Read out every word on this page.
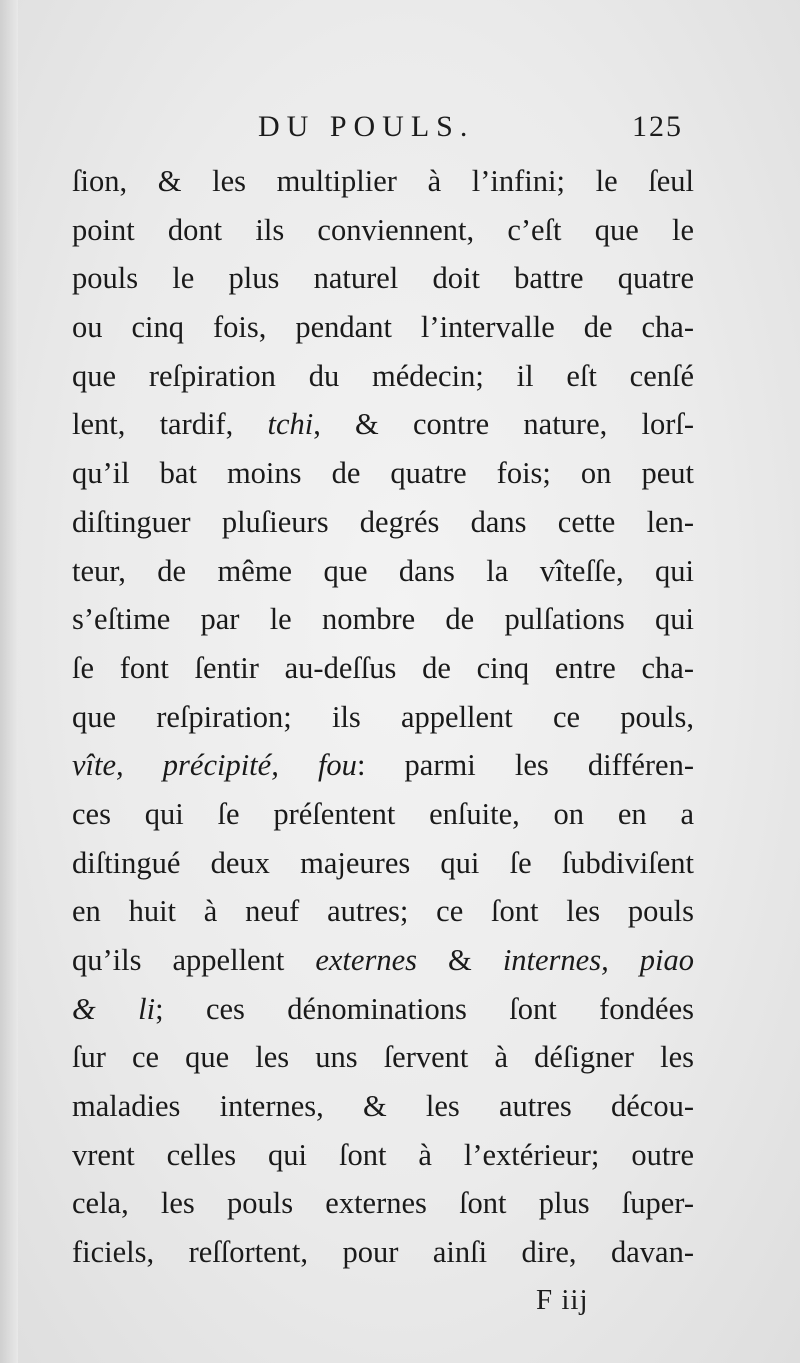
DU POULS.	125
ſion, & les multiplier à l’infini; le ſeul
point dont ils conviennent, c’eſt que le
pouls le plus naturel doit battre quatre
ou cinq fois, pendant l’intervalle de cha-
que reſpiration du médecin; il eſt cenſé
lent, tardif, tchi, & contre nature, lorſ-
qu’il bat moins de quatre fois; on peut
diſtinguer pluſieurs degrés dans cette len-
teur, de même que dans la vîteſſe, qui
s’eſtime par le nombre de pulſations qui
ſe font ſentir au-deſſus de cinq entre cha-
que reſpiration; ils appellent ce pouls,
vîte, précipité, fou: parmi les différen-
ces qui ſe préſentent enſuite, on en a
diſtingué deux majeures qui ſe ſubdiviſent
en huit à neuf autres; ce ſont les pouls
qu’ils appellent externes & internes, piao
& li; ces dénominations ſont fondées
ſur ce que les uns ſervent à déſigner les
maladies internes, & les autres décou-
vrent celles qui ſont à l’extérieur; outre
cela, les pouls externes ſont plus ſuper-
ficiels, reſſortent, pour ainſi dire, davan-
F iij
